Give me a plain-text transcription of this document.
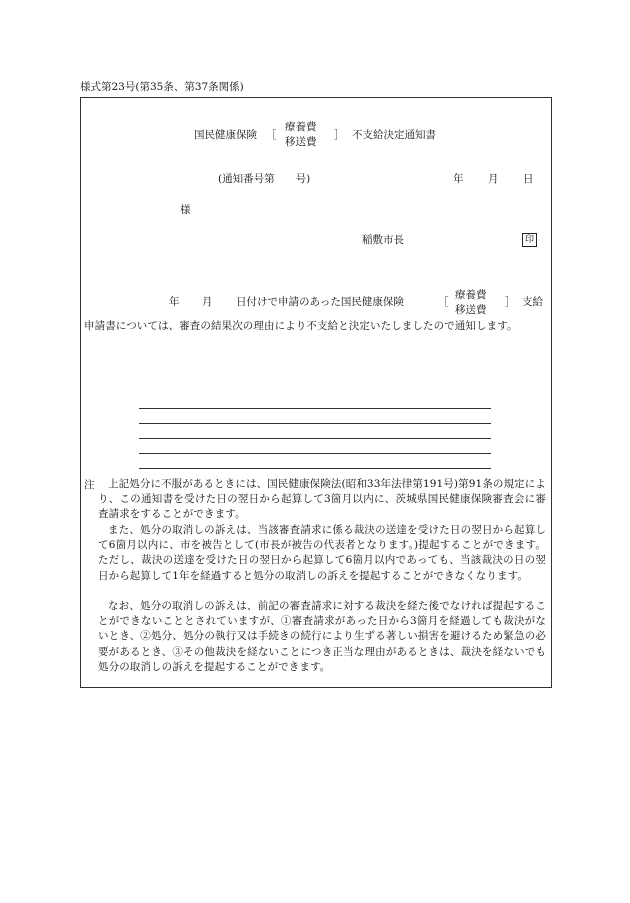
様式第23号(第35条、第37条関係)
国民健康保険 ［
療養費
移送費
］ 不支給決定通知書
(通知番号第　　号)	年 月 日
様
稲敷市長	印
年 月 日付けで申請のあった国民健康保険	［
療養費
移送費
］ 支給
申請書については、審査の結果次の理由により不支給と決定いたしましたので通知します。
注	上記処分に不服があるときには、国民健康保険法(昭和33年法律第191号)第91条の規定により、この通知書を受けた日の翌日から起算して3箇月以内に、茨城県国民健康保険審査会に審査請求をすることができます。
また、処分の取消しの訴えは、当該審査請求に係る裁決の送達を受けた日の翌日から起算して6箇月以内に、市を被告として(市長が被告の代表者となります。)提起することができます。ただし、裁決の送達を受けた日の翌日から起算して6箇月以内であっても、当該裁決の日の翌日から起算して1年を経過すると処分の取消しの訴えを提起することができなくなります。
なお、処分の取消しの訴えは、前記の審査請求に対する裁決を経た後でなければ提起することができないこととされていますが、①審査請求があった日から3箇月を経過しても裁決がないとき、②処分、処分の執行又は手続きの続行により生ずる著しい損害を避けるため緊急の必要があるとき、③その他裁決を経ないことにつき正当な理由があるときは、裁決を経ないでも処分の取消しの訴えを提起することができます。
